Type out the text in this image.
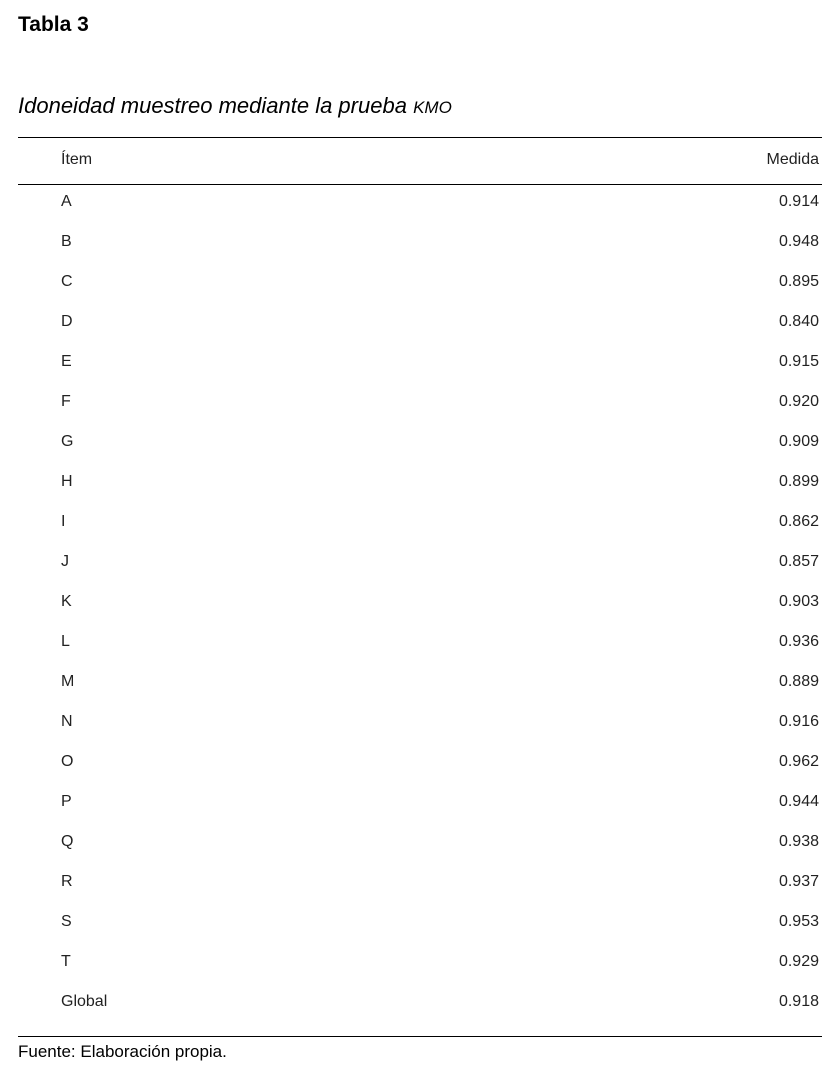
Tabla 3
Idoneidad muestreo mediante la prueba KMO
Ítem	Medida
A	0.914
B	0.948
C	0.895
D	0.840
E	0.915
F	0.920
G	0.909
H	0.899
I	0.862
J	0.857
K	0.903
L	0.936
M	0.889
N	0.916
O	0.962
P	0.944
Q	0.938
R	0.937
S	0.953
T	0.929
Global	0.918
Fuente: Elaboración propia.
